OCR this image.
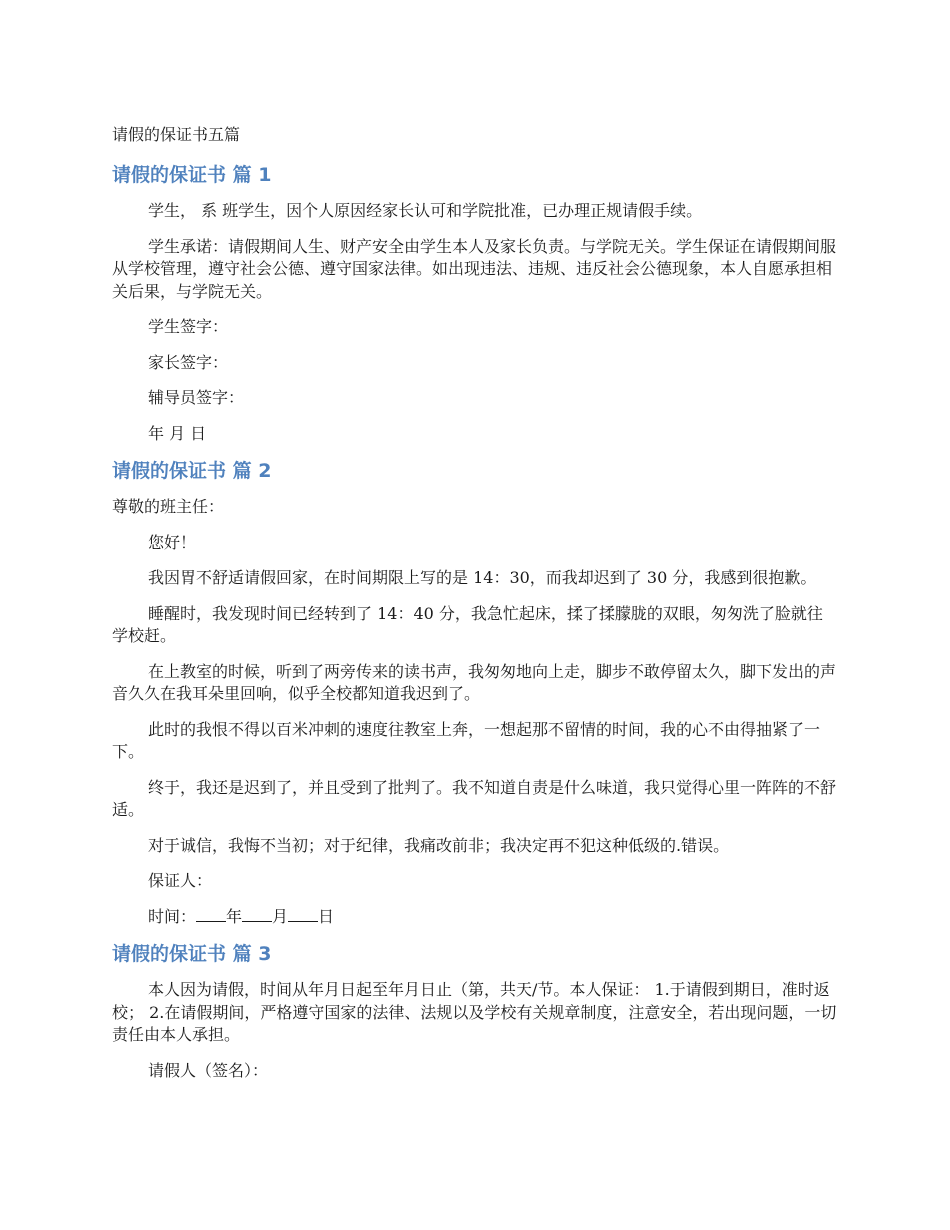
请假的保证书五篇
请假的保证书 篇 1

学生， 系 班学生，因个人原因经家长认可和学院批准，已办理正规请假手续。

学生承诺：请假期间人生、财产安全由学生本人及家长负责。与学院无关。学生保证在请假期间服从学校管理，遵守社会公德、遵守国家法律。如出现违法、违规、违反社会公德现象，本人自愿承担相关后果，与学院无关。

学生签字：

家长签字：

辅导员签字：

年 月 日

请假的保证书 篇 2

尊敬的班主任：

您好！

我因胃不舒适请假回家，在时间期限上写的是 14：30，而我却迟到了 30 分，我感到很抱歉。

睡醒时，我发现时间已经转到了 14：40 分，我急忙起床，揉了揉朦胧的双眼，匆匆洗了脸就往学校赶。

在上教室的时候，听到了两旁传来的读书声，我匆匆地向上走，脚步不敢停留太久，脚下发出的声音久久在我耳朵里回响，似乎全校都知道我迟到了。

此时的我恨不得以百米冲刺的速度往教室上奔，一想起那不留情的时间，我的心不由得抽紧了一下。

终于，我还是迟到了，并且受到了批判了。我不知道自责是什么味道，我只觉得心里一阵阵的不舒适。

对于诚信，我悔不当初；对于纪律，我痛改前非；我决定再不犯这种低级的.错误。

保证人：

时间： 年 月 日

请假的保证书 篇 3

本人因为请假，时间从年月日起至年月日止（第，共天/节。本人保证： 1.于请假到期日，准时返校； 2.在请假期间，严格遵守国家的法律、法规以及学校有关规章制度，注意安全，若出现问题，一切责任由本人承担。

请假人（签名）：
